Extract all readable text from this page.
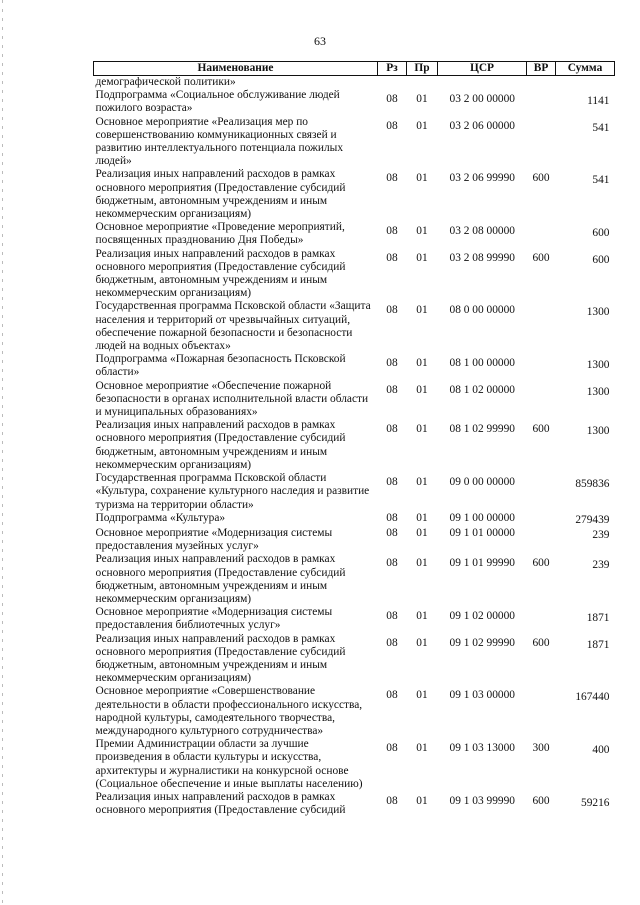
63
Наименование	Рз	Пр	ЦСР	ВР	Сумма
демографической политики»					
Подпрограмма «Социальное обслуживание людей пожилого возраста»	08	01	03 2 00 00000		1141
Основное мероприятие «Реализация мер по совершенствованию коммуникационных связей и развитию интеллектуального потенциала пожилых людей»	08	01	03 2 06 00000		541
Реализация иных направлений расходов в рамках основного мероприятия (Предоставление субсидий бюджетным, автономным учреждениям и иным некоммерческим организациям)	08	01	03 2 06 99990	600	541
Основное мероприятие «Проведение мероприятий, посвященных празднованию Дня Победы»	08	01	03 2 08 00000		600
Реализация иных направлений расходов в рамках основного мероприятия (Предоставление субсидий бюджетным, автономным учреждениям и иным некоммерческим организациям)	08	01	03 2 08 99990	600	600
Государственная программа Псковской области «Защита населения и территорий от чрезвычайных ситуаций, обеспечение пожарной безопасности и безопасности людей на водных объектах»	08	01	08 0 00 00000		1300
Подпрограмма «Пожарная безопасность Псковской области»	08	01	08 1 00 00000		1300
Основное мероприятие «Обеспечение пожарной безопасности в органах исполнительной власти области и муниципальных образованиях»	08	01	08 1 02 00000		1300
Реализация иных направлений расходов в рамках основного мероприятия (Предоставление субсидий бюджетным, автономным учреждениям и иным некоммерческим организациям)	08	01	08 1 02 99990	600	1300
Государственная программа Псковской области «Культура, сохранение культурного наследия и развитие туризма на территории области»	08	01	09 0 00 00000		859836
Подпрограмма «Культура»	08	01	09 1 00 00000		279439
Основное мероприятие «Модернизация системы предоставления музейных услуг»	08	01	09 1 01 00000		239
Реализация иных направлений расходов в рамках основного мероприятия (Предоставление субсидий бюджетным, автономным учреждениям и иным некоммерческим организациям)	08	01	09 1 01 99990	600	239
Основное мероприятие «Модернизация системы предоставления библиотечных услуг»	08	01	09 1 02 00000		1871
Реализация иных направлений расходов в рамках основного мероприятия (Предоставление субсидий бюджетным, автономным учреждениям и иным некоммерческим организациям)	08	01	09 1 02 99990	600	1871
Основное мероприятие «Совершенствование деятельности в области профессионального искусства, народной культуры, самодеятельного творчества, международного культурного сотрудничества»	08	01	09 1 03 00000		167440
Премии Администрации области за лучшие произведения в области культуры и искусства, архитектуры и журналистики на конкурсной основе (Социальное обеспечение и иные выплаты населению)	08	01	09 1 03 13000	300	400
Реализация иных направлений расходов в рамках основного мероприятия (Предоставление субсидий	08	01	09 1 03 99990	600	59216
